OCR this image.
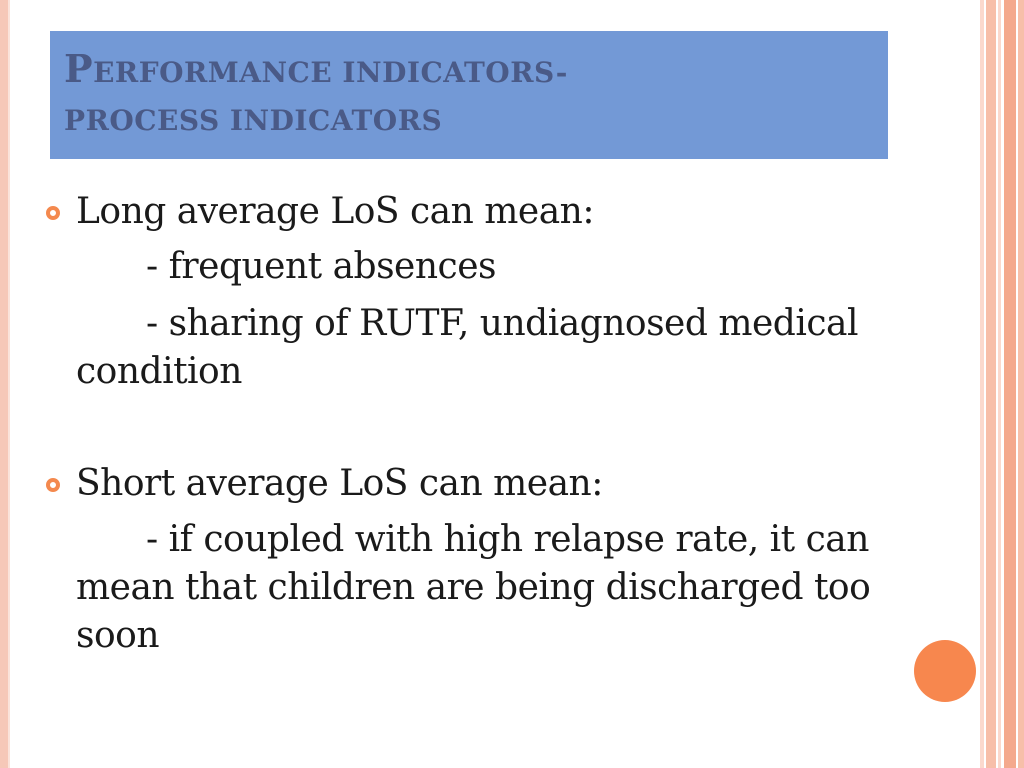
PERFORMANCE INDICATORS-
PROCESS INDICATORS
Long average LoS can mean:
- frequent absences
- sharing of RUTF, undiagnosed medical
condition
Short average LoS can mean:
- if coupled with high relapse rate, it can
mean that children are being discharged too
soon
